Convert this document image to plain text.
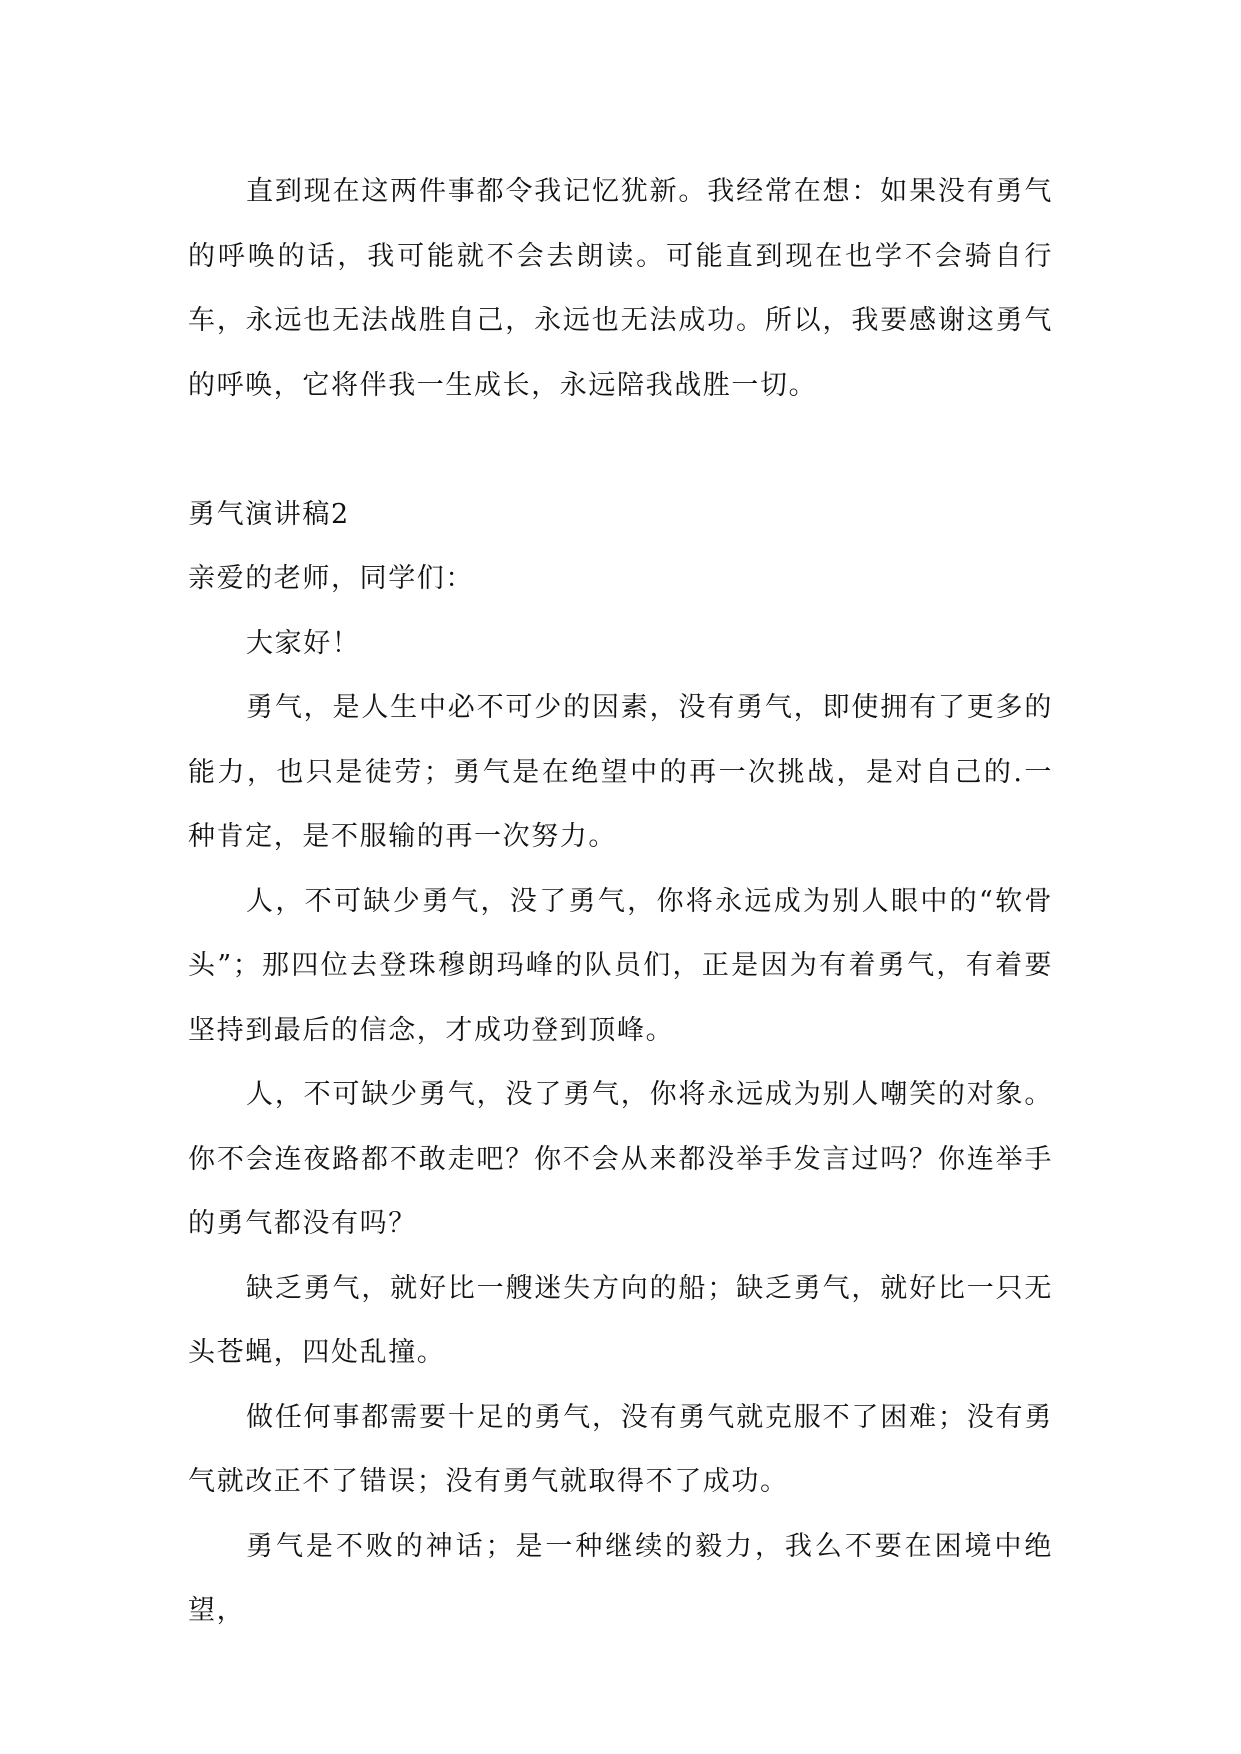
直到现在这两件事都令我记忆犹新。我经常在想：如果没有勇气的呼唤的话，我可能就不会去朗读。可能直到现在也学不会骑自行车，永远也无法战胜自己，永远也无法成功。所以，我要感谢这勇气的呼唤，它将伴我一生成长，永远陪我战胜一切。

勇气演讲稿2

亲爱的老师，同学们：

大家好！

勇气，是人生中必不可少的因素，没有勇气，即使拥有了更多的能力，也只是徒劳；勇气是在绝望中的再一次挑战，是对自己的.一种肯定，是不服输的再一次努力。

人，不可缺少勇气，没了勇气，你将永远成为别人眼中的“软骨头”；那四位去登珠穆朗玛峰的队员们，正是因为有着勇气，有着要坚持到最后的信念，才成功登到顶峰。

人，不可缺少勇气，没了勇气，你将永远成为别人嘲笑的对象。你不会连夜路都不敢走吧？你不会从来都没举手发言过吗？你连举手的勇气都没有吗？

缺乏勇气，就好比一艘迷失方向的船；缺乏勇气，就好比一只无头苍蝇，四处乱撞。

做任何事都需要十足的勇气，没有勇气就克服不了困难；没有勇气就改正不了错误；没有勇气就取得不了成功。

勇气是不败的神话；是一种继续的毅力，我么不要在困境中绝望，
